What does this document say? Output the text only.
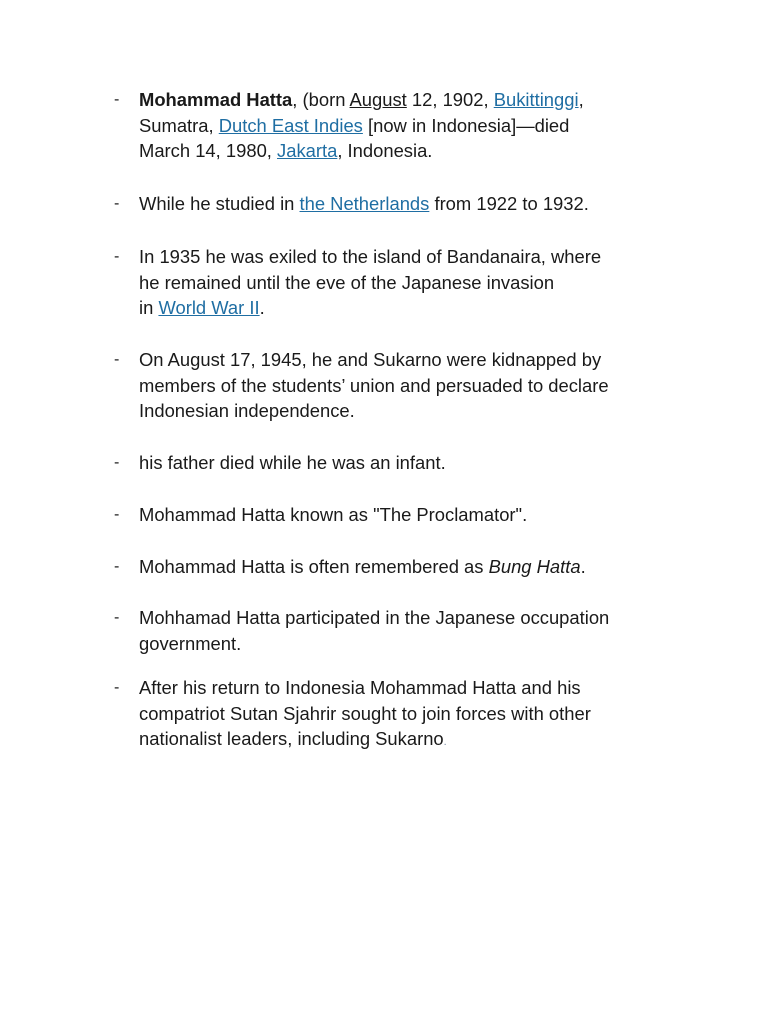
-	Mohammad Hatta, (born August 12, 1902, Bukittinggi,
Sumatra, Dutch East Indies [now in Indonesia]—died
March 14, 1980, Jakarta, Indonesia.
-	While he studied in the Netherlands from 1922 to 1932.
-	In 1935 he was exiled to the island of Bandanaira, where
he remained until the eve of the Japanese invasion
in World War II.
-	On August 17, 1945, he and Sukarno were kidnapped by
members of the students’ union and persuaded to declare
Indonesian independence.
-	his father died while he was an infant.
-	Mohammad Hatta known as "The Proclamator".
-	Mohammad Hatta is often remembered as Bung Hatta.
-	Mohhamad Hatta participated in the Japanese occupation
government.
-	After his return to Indonesia Mohammad Hatta and his
compatriot Sutan Sjahrir sought to join forces with other
nationalist leaders, including Sukarno.
